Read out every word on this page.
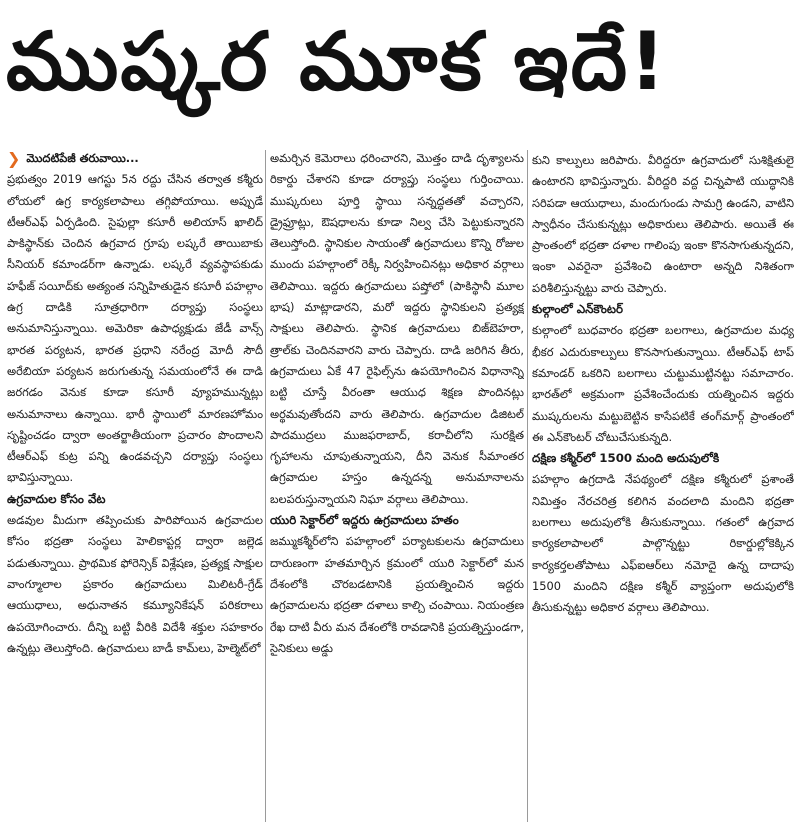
ముష్కర మూక ఇదే!
❯ మొదటిపేజీ తరువాయి...

ప్రభుత్వం 2019 ఆగస్టు 5న రద్దు చేసిన తర్వాత కశ్మీరు లోయలో ఉగ్ర కార్యకలాపాలు తగ్గిపోయాయి. అప్పుడే టీఆర్‌ఎఫ్‌ ఏర్పడింది. సైఫుల్లా కసూరీ అలియాస్‌ ఖాలిద్‌ పాకిస్థాన్‌కు చెందిన ఉగ్రవాద గ్రూపు లష్కరే తాయిబాకు సీనియర్‌ కమాండర్‌గా ఉన్నాడు. లష్కరే వ్యవస్థాపకుడు హఫీజ్‌ సయీద్‌కు అత్యంత సన్నిహితుడైన కసూరీ పహల్గాం ఉగ్ర దాడికి సూత్రధారిగా దర్యాప్తు సంస్థలు అనుమానిస్తున్నాయి. అమెరికా ఉపాధ్యక్షుడు జేడీ వాన్స్‌ భారత పర్యటన, భారత ప్రధాని నరేంద్ర మోదీ సౌదీ అరేబియా పర్యటన జరుగుతున్న సమయంలోనే ఈ దాడి జరగడం వెనుక కూడా కసూరీ వ్యూహమున్నట్లు అనుమానాలు ఉన్నాయి. భారీ స్థాయిలో మారణహోమం సృష్టించడం ద్వారా అంతర్జాతీయంగా ప్రచారం పొందాలని టీఆర్‌ఎఫ్‌ కుట్ర పన్ని ఉండవచ్చని దర్యాప్తు సంస్థలు భావిస్తున్నాయి.

ఉగ్రవాదుల కోసం వేట

అడవుల మీదుగా తప్పించుకు పారిపోయిన ఉగ్రవాదుల కోసం భద్రతా సంస్థలు హెలికాప్టర్ల ద్వారా జల్లెడ పడుతున్నాయి. ప్రాథమిక ఫోరెన్సిక్‌ విశ్లేషణ, ప్రత్యక్ష సాక్షుల వాంగ్మూలాల ప్రకారం ఉగ్రవాదులు మిలిటరీ-గ్రేడ్‌ ఆయుధాలు, అధునాతన కమ్యూనికేషన్‌ పరికరాలు ఉపయోగించారు. దీన్ని బట్టి వీరికి విదేశీ శక్తుల సహకారం ఉన్నట్లు తెలుస్తోంది. ఉగ్రవాదులు బాడీ కామ్‌లు, హెల్మెట్‌లో

అమర్చిన కెమెరాలు ధరించారని, మొత్తం దాడి దృశ్యాలను రికార్డు చేశారని కూడా దర్యాప్తు సంస్థలు గుర్తించాయి. ముష్కరులు పూర్తి స్థాయి సన్నద్ధతతో వచ్చారని, డ్రైఫ్రూట్లు, ఔషధాలను కూడా నిల్వ చేసి పెట్టుకున్నారని తెలుస్తోంది. స్థానికుల సాయంతో ఉగ్రవాదులు కొన్ని రోజుల ముందు పహల్గాంలో రెక్కీ నిర్వహించినట్లు అధికార వర్గాలు తెలిపాయి. ఇద్దరు ఉగ్రవాదులు పష్తోలో (పాకిస్థానీ మూల భాష) మాట్లాడారని, మరో ఇద్దరు స్థానికులని ప్రత్యక్ష సాక్షులు తెలిపారు. స్థానిక ఉగ్రవాదులు బిజ్‌బెహరా, త్రాల్‌కు చెందినవారని వారు చెప్పారు. దాడి జరిగిన తీరు, ఉగ్రవాదులు ఏకే 47 రైఫిల్స్‌ను ఉపయోగించిన విధానాన్ని బట్టి చూస్తే వీరంతా ఆయుధ శిక్షణ పొందినట్లు అర్థమవుతోందని వారు తెలిపారు. ఉగ్రవాదుల డిజిటల్‌ పాదముద్రలు ముజఫరాబాద్‌, కరాచీలోని సురక్షిత గృహాలను చూపుతున్నాయని, దీని వెనుక సీమాంతర ఉగ్రవాదుల హస్తం ఉన్నదన్న అనుమానాలను బలపరుస్తున్నాయని నిఘా వర్గాలు తెలిపాయి.

యురి సెక్టార్‌లో ఇద్దరు ఉగ్రవాదులు హతం

జమ్ముకశ్మీర్‌లోని పహల్గాంలో పర్యాటకులను ఉగ్రవాదులు దారుణంగా హతమార్చిన క్రమంలో యురి సెక్టార్‌లో మన దేశంలోకి చొరబడటానికి ప్రయత్నించిన ఇద్దరు ఉగ్రవాదులను భద్రతా దళాలు కాల్చి చంపాయి. నియంత్రణ రేఖ దాటి వీరు మన దేశంలోకి రావడానికి ప్రయత్నిస్తుండగా, సైనికులు అడ్డు

కుని కాల్పులు జరిపారు. వీరిద్దరూ ఉగ్రవాదులో సుశిక్షితులై ఉంటారని భావిస్తున్నారు. వీరిద్దరి వద్ద చిన్నపాటి యుద్ధానికి సరిపడా ఆయుధాలు, మందుగుండు సామగ్రి ఉండని, వాటిని స్వాధీనం చేసుకున్నట్లు అధికారులు తెలిపారు. అయితే ఈ ప్రాంతంలో భద్రతా దళాల గాలింపు ఇంకా కొనసాగుతున్నదని, ఇంకా ఎవరైనా ప్రవేశించి ఉంటారా అన్నది నిశితంగా పరిశీలిస్తున్నట్టు వారు చెప్పారు.

కుల్గాంలో ఎన్‌కౌంటర్‌

కుల్గాంలో బుధవారం భద్రతా బలగాలు, ఉగ్రవాదుల మధ్య భీకర ఎదురుకాల్పులు కొనసాగుతున్నాయి. టీఆర్‌ఎఫ్‌ టాప్‌ కమాండర్‌ ఒకరిని బలగాలు చుట్టుముట్టినట్టు సమాచారం. భారత్‌లో అక్రమంగా ప్రవేశించేందుకు యత్నించిన ఇద్దరు ముష్కరులను మట్టుబెట్టిన కాసేపటికే తంగ్‌మార్గ్‌ ప్రాంతంలో ఈ ఎన్‌కౌంటర్‌ చోటుచేసుకున్నది.

దక్షిణ కశ్మీర్‌లో 1500 మంది అదుపులోకి

పహల్గాం ఉగ్రదాడి నేపథ్యంలో దక్షిణ కశ్మీరులో ప్రశాంతే నిమిత్తం నేరచరిత్ర కలిగిన వందలాది మందిని భద్రతా బలగాలు అదుపులోకి తీసుకున్నాయి. గతంలో ఉగ్రవాద కార్యకలాపాలలో పాల్గొన్నట్టు రికార్డుల్లోకెక్కిన కార్యకర్తలతోపాటు ఎఫ్‌ఐఆర్‌లు నమోదై ఉన్న దాదాపు 1500 మందిని దక్షిణ కశ్మీర్‌ వ్యాప్తంగా అదుపులోకి తీసుకున్నట్టు అధికార వర్గాలు తెలిపాయి.
